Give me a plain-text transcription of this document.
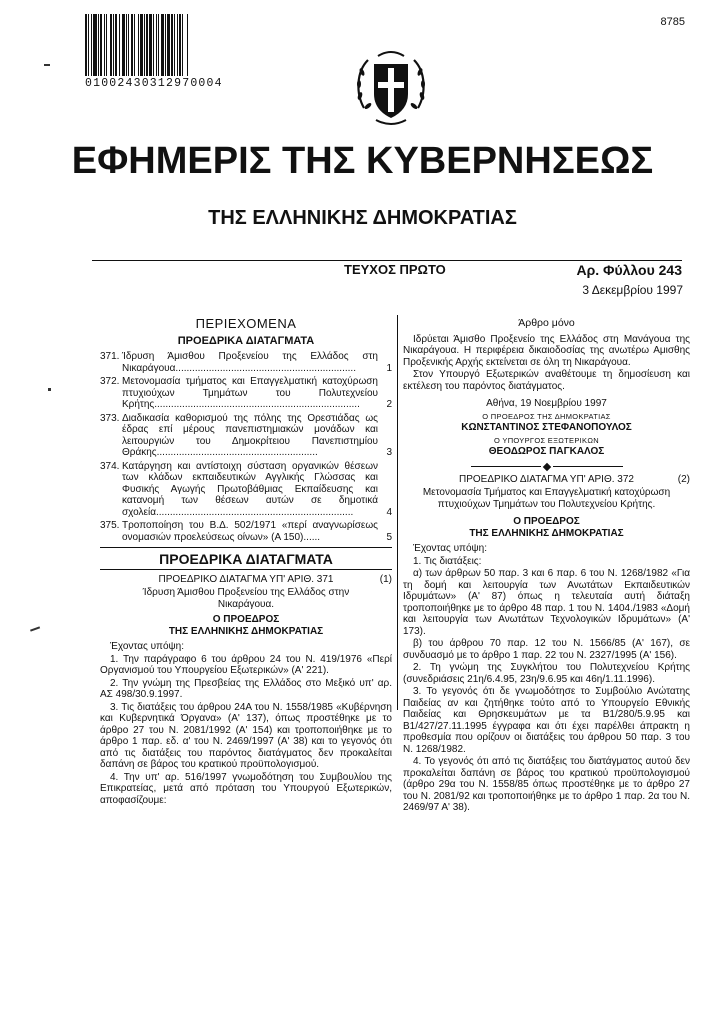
01002430312970004
8785
ΕΦΗΜΕΡΙΣ ΤΗΣ ΚΥΒΕΡΝΗΣΕΩΣ
ΤΗΣ ΕΛΛΗΝΙΚΗΣ ΔΗΜΟΚΡΑΤΙΑΣ
ΤΕΥΧΟΣ ΠΡΩΤΟ	Αρ. Φύλλου 243
3 Δεκεμβρίου 1997
ΠΕΡΙΕΧΟΜΕΝΑ
ΠΡΟΕΔΡΙΚΑ ΔΙΑΤΑΓΜΑΤΑ
371. Ίδρυση Άμισθου Προξενείου της Ελλάδος στη Νικαράγουα.................................................................	1
372. Μετονομασία τμήματος και Επαγγελματική κατοχύρωση πτυχιούχων Τμημάτων του Πολυτεχνείου Κρήτης..........................................................................	2
373. Διαδικασία καθορισμού της πόλης της Ορεστιάδας ως έδρας επί μέρους πανεπιστημιακών μονάδων και λειτουργιών του Δημοκρίτειου Πανεπιστημίου Θράκης..........................................................	3
374. Κατάργηση και αντίστοιχη σύσταση οργανικών θέσεων των κλάδων εκπαιδευτικών Αγγλικής Γλώσσας και Φυσικής Αγωγής Πρωτοβάθμιας Εκπαίδευσης και κατανομή των θέσεων αυτών σε δημοτικά σχολεία.......................................................................	4
375. Τροποποίηση του Β.Δ. 502/1971 «περί αναγνωρίσεως ονομασιών προελεύσεως οίνων» (Α 150)......	5
ΠΡΟΕΔΡΙΚΑ ΔΙΑΤΑΓΜΑΤΑ
ΠΡΟΕΔΡΙΚΟ ΔΙΑΤΑΓΜΑ ΥΠ' ΑΡΙΘ. 371	(1)
Ίδρυση Άμισθου Προξενείου της Ελλάδος στην Νικαράγουα.
Ο ΠΡΟΕΔΡΟΣ
ΤΗΣ ΕΛΛΗΝΙΚΗΣ ΔΗΜΟΚΡΑΤΙΑΣ
Έχοντας υπόψη:
1. Την παράγραφο 6 του άρθρου 24 του Ν. 419/1976 «Περί Οργανισμού του Υπουργείου Εξωτερικών» (Α' 221).
2. Την γνώμη της Πρεσβείας της Ελλάδος στο Μεξικό υπ' αρ. ΑΣ 498/30.9.1997.
3. Τις διατάξεις του άρθρου 24Α του Ν. 1558/1985 «Κυβέρνηση και Κυβερνητικά Όργανα» (Α' 137), όπως προστέθηκε με το άρθρο 27 του Ν. 2081/1992 (Α' 154) και τροποποιήθηκε με το άρθρο 1 παρ. εδ. α' του Ν. 2469/1997 (Α' 38) και το γεγονός ότι από τις διατάξεις του παρόντος διατάγματος δεν προκαλείται δαπάνη σε βάρος του κρατικού προϋπολογισμού.
4. Την υπ' αρ. 516/1997 γνωμοδότηση του Συμβουλίου της Επικρατείας, μετά από πρόταση του Υπουργού Εξωτερικών, αποφασίζουμε:
Άρθρο μόνο
Ιδρύεται Άμισθο Προξενείο της Ελλάδος στη Μανάγουα της Νικαράγουα. Η περιφέρεια δικαιοδοσίας της ανωτέρω Αμισθης Προξενικής Αρχής εκτείνεται σε όλη τη Νικαράγουα.
Στον Υπουργό Εξωτερικών αναθέτουμε τη δημοσίευση και εκτέλεση του παρόντος διατάγματος.
Αθήνα, 19 Νοεμβρίου 1997
Ο ΠΡΟΕΔΡΟΣ ΤΗΣ ΔΗΜΟΚΡΑΤΙΑΣ
ΚΩΝΣΤΑΝΤΙΝΟΣ ΣΤΕΦΑΝΟΠΟΥΛΟΣ
Ο ΥΠΟΥΡΓΟΣ ΕΞΩΤΕΡΙΚΩΝ
ΘΕΟΔΩΡΟΣ ΠΑΓΚΑΛΟΣ
ΠΡΟΕΔΡΙΚΟ ΔΙΑΤΑΓΜΑ ΥΠ' ΑΡΙΘ. 372	(2)
Μετονομασία Τμήματος και Επαγγελματική κατοχύρωση πτυχιούχων Τμημάτων του Πολυτεχνείου Κρήτης.
Ο ΠΡΟΕΔΡΟΣ
ΤΗΣ ΕΛΛΗΝΙΚΗΣ ΔΗΜΟΚΡΑΤΙΑΣ
Έχοντας υπόψη:
1. Τις διατάξεις:
α) των άρθρων 50 παρ. 3 και 6 παρ. 6 του Ν. 1268/1982 «Για τη δομή και λειτουργία των Ανωτάτων Εκπαιδευτικών Ιδρυμάτων» (Α' 87) όπως η τελευταία αυτή διάταξη τροποποιήθηκε με το άρθρο 48 παρ. 1 του Ν. 1404./1983 «Δομή και λειτουργία των Ανωτάτων Τεχνολογικών Ιδρυμάτων» (Α' 173).
β) του άρθρου 70 παρ. 12 του Ν. 1566/85 (Α' 167), σε συνδυασμό με το άρθρο 1 παρ. 22 του Ν. 2327/1995 (Α' 156).
2. Τη γνώμη της Συγκλήτου του Πολυτεχνείου Κρήτης (συνεδριάσεις 21η/6.4.95, 23η/9.6.95 και 46η/1.11.1996).
3. Το γεγονός ότι δε γνωμοδότησε το Συμβούλιο Ανώτατης Παιδείας αν και ζητήθηκε τούτο από το Υπουργείο Εθνικής Παιδείας και Θρησκευμάτων με τα Β1/280/5.9.95 και Β1/427/27.11.1995 έγγραφα και ότι έχει παρέλθει άπρακτη η προθεσμία που ορίζουν οι διατάξεις του άρθρου 50 παρ. 3 του Ν. 1268/1982.
4. Το γεγονός ότι από τις διατάξεις του διατάγματος αυτού δεν προκαλείται δαπάνη σε βάρος του κρατικού προϋπολογισμού (άρθρο 29α του Ν. 1558/85 όπως προστέθηκε με το άρθρο 27 του Ν. 2081/92 και τροποποιήθηκε με το άρθρο 1 παρ. 2α του Ν. 2469/97 Α' 38).
